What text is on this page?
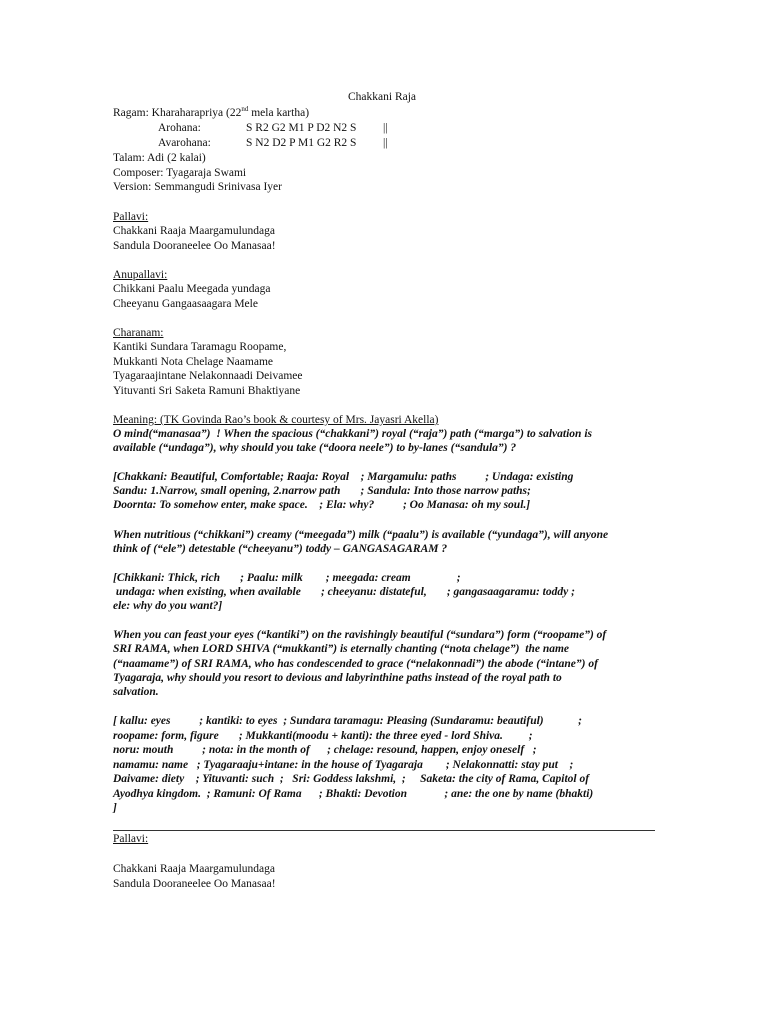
Chakkani Raja
Ragam: Kharaharapriya (22nd mela kartha)
Arohana:	S R2 G2 M1 P D2 N2 S ||
Avarohana:	S N2 D2 P M1 G2 R2 S ||
Talam: Adi (2 kalai)
Composer: Tyagaraja Swami
Version: Semmangudi Srinivasa Iyer
Pallavi:
Chakkani Raaja Maargamulundaga
Sandula Dooraneelee Oo Manasaa!
Anupallavi:
Chikkani Paalu Meegada yundaga
Cheeyanu Gangaasaagara Mele
Charanam:
Kantiki Sundara Taramagu Roopame,
Mukkanti Nota Chelage Naamame
Tyagaraajintane Nelakonnaadi Deivamee
Yituvanti Sri Saketa Ramuni Bhaktiyane
Meaning: (TK Govinda Rao’s book & courtesy of Mrs. Jayasri Akella)
O mind(“manasaa”)  ! When the spacious (“chakkani”) royal (“raja”) path (“marga”) to salvation is
available (“undaga”), why should you take (“doora neele”) to by-lanes (“sandula”) ?
[Chakkani: Beautiful, Comfortable; Raaja: Royal    ; Margamulu: paths          ; Undaga: existing
Sandu: 1.Narrow, small opening, 2.narrow path       ; Sandula: Into those narrow paths;
Doornta: To somehow enter, make space.    ; Ela: why?          ; Oo Manasa: oh my soul.]
When nutritious (“chikkani”) creamy (“meegada”) milk (“paalu”) is available (“yundaga”), will anyone
think of (“ele”) detestable (“cheeyanu”) toddy – GANGASAGARAM ?
[Chikkani: Thick, rich       ; Paalu: milk        ; meegada: cream                ;
undaga: when existing, when available       ; cheeyanu: distateful,       ; gangasaagaramu: toddy ;
ele: why do you want?]
When you can feast your eyes (“kantiki”) on the ravishingly beautiful (“sundara”) form (“roopame”) of
SRI RAMA, when LORD SHIVA (“mukkanti”) is eternally chanting (“nota chelage”)  the name
(“naamame”) of SRI RAMA, who has condescended to grace (“nelakonnadi”) the abode (“intane”) of
Tyagaraja, why should you resort to devious and labyrinthine paths instead of the royal path to
salvation.
[ kallu: eyes          ; kantiki: to eyes  ; Sundara taramagu: Pleasing (Sundaramu: beautiful)            ;
roopame: form, figure       ; Mukkanti(moodu + kanti): the three eyed - lord Shiva.         ;
noru: mouth          ; nota: in the month of      ; chelage: resound, happen, enjoy oneself   ;
namamu: name   ; Tyagaraaju+intane: in the house of Tyagaraja        ; Nelakonnatti: stay put    ;
Daivame: diety    ; Yituvanti: such  ;   Sri: Goddess lakshmi,  ;     Saketa: the city of Rama, Capitol of
Ayodhya kingdom.  ; Ramuni: Of Rama      ; Bhakti: Devotion             ; ane: the one by name (bhakti)
]
Pallavi:
Chakkani Raaja Maargamulundaga
Sandula Dooraneelee Oo Manasaa!
